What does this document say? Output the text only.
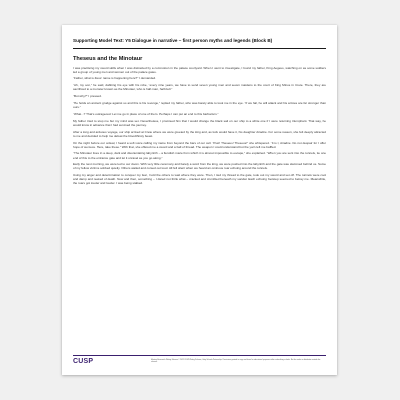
Supporting Model Text: Y5 Dialogue in narrative – first person myths and legends (Block B)
Theseus and the Minotaur

I was practising my sword skills when I was distracted by a commotion in the palace courtyard. When I went to investigate, I found my father, King Aegeus, watching on as some soldiers led a group of young men and women out of the palace gates.

“Father, what is Zeus’ name is happening here?” I demanded.

“Ah, my son,” he said, dabbing his eye with his robe, “every nine years, we have to send seven young men and seven maidens to the court of King Minos in Crete. There, they are sacrificed to a monster known as the Minotaur, who is half-man, half-bull.”

“But why?” I pressed.

“He holds an ancient grudge against us and this is his revenge,” replied my father, who was barely able to look me in the eye. “If we fail, he will attack and his armies are far stronger than ours.”

“What...? That’s outrageous! Let me go in place of one of them. Perhaps I can put an end to this barbarism.”

My father tried to stop me but my mind was set. Nevertheless, I promised him that I would change the black sail on our ship to a white one if I were returning triumphant. That way, he would know in advance that I had survived the journey.

After a long and arduous voyage, our ship arrived at Crete where we were greeted by the king and, as luck would have it, his daughter Ariadne. For some reason, she felt deeply attracted to me and decided to help me defeat the bloodthirsty beast.

On the night before our ordeal, I heard a soft voice calling my name from beyond the bars of our cell. “Psst! Theseus! Theseus!” she whispered. “It is I, Ariadne. Do not despair for I offer hope of success. Here, take these.” With that, she offered me a sword and a ball of thread. The weapon I could understand but the yarn left me baffled.

“The Minotaur lives in a deep, dark and disorientating labyrinth – a fiendish maze from which it is almost impossible to escape,” she explained. “When you are sent into the tunnels, tie one end of this to the entrance gate and let it unravel as you go along.”

Early the next morning, we were led to our doom. With very little ceremony and barely a word from the king, we were pushed into the labyrinth and the gate was slammed behind us. Some of my fellow victims sobbed quietly. Others wailed and cursed out loud. All fell silent when we heard an ominous roar echoing around the tunnels.

Using my anger and determination to conquer my fear, I told the others to wait where they were. Then, I tied my thread to the gate, took out my sword and set off. The tunnels were cool and damp and reeked of death. Now and then, something – I dared not think what – cracked and crumbled beneath my sandal. Each echoing footstep seemed to betray me. Meanwhile, the roars got louder and louder. I was being stalked.

CUSP	Mastery/Greenwich Writing Scheme © 2022 CUSP Writing Scheme, Unity Schools Partnership. Permission granted to copy and share for educational purposes within subscribing schools. Not for resale or distribution outside the scheme.
